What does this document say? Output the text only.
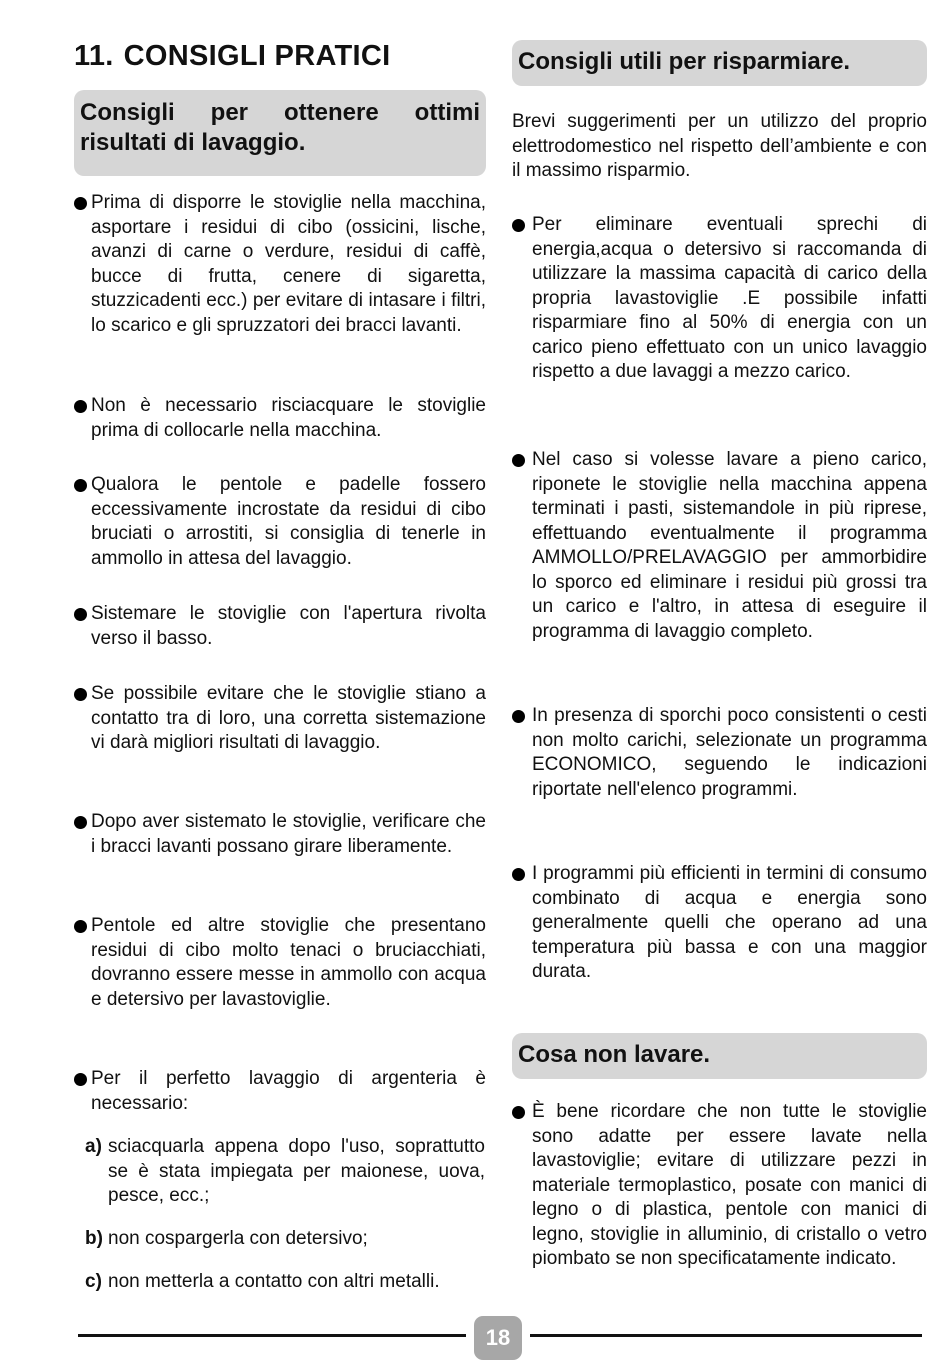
11. CONSIGLI PRATICI
Consigli per ottenere ottimi
risultati di lavaggio.
Prima di disporre le stoviglie nella macchina, asportare i residui di cibo (ossicini, lische, avanzi di carne o verdure, residui di caffè, bucce di frutta, cenere di sigaretta, stuzzicadenti ecc.) per evitare di intasare i filtri, lo scarico e gli spruzzatori dei bracci lavanti.
Non è necessario risciacquare le stoviglie prima di collocarle nella macchina.
Qualora le pentole e padelle fossero eccessivamente incrostate da residui di cibo bruciati o arrostiti, si consiglia di tenerle in ammollo in attesa del lavaggio.
Sistemare le stoviglie con l'apertura rivolta verso il basso.
Se possibile evitare che le stoviglie stiano a contatto tra di loro, una corretta sistemazione vi darà migliori risultati di lavaggio.
Dopo aver sistemato le stoviglie, verificare che i bracci lavanti possano girare liberamente.
Pentole ed altre stoviglie che presentano residui di cibo molto tenaci o bruciacchiati, dovranno essere messe in ammollo con acqua e detersivo per lavastoviglie.
Per il perfetto lavaggio di argenteria è necessario:
a) sciacquarla appena dopo l'uso, soprattutto se è stata impiegata per maionese, uova, pesce, ecc.;
b) non cospargerla con detersivo;
c) non metterla a contatto con altri metalli.
Consigli utili per risparmiare.
Brevi suggerimenti per un utilizzo del proprio elettrodomestico nel rispetto dell’ambiente e con il massimo risparmio.
Per eliminare eventuali sprechi di energia,acqua o detersivo si raccomanda di utilizzare la massima capacità di carico della propria lavastoviglie .E possibile infatti risparmiare fino al 50% di energia con un carico pieno effettuato con un unico lavaggio rispetto a due lavaggi a mezzo carico.
Nel caso si volesse lavare a pieno carico, riponete le stoviglie nella macchina appena terminati i pasti, sistemandole in più riprese, effettuando eventualmente il programma AMMOLLO/PRELAVAGGIO per ammorbidire lo sporco ed eliminare i residui più grossi tra un carico e l'altro, in attesa di eseguire il programma di lavaggio completo.
In presenza di sporchi poco consistenti o cesti non molto carichi, selezionate un programma ECONOMICO, seguendo le indicazioni riportate nell'elenco programmi.
I programmi più efficienti in termini di consumo combinato di acqua e energia sono generalmente quelli che operano ad una temperatura più bassa e con una maggior durata.
Cosa non lavare.
È bene ricordare che non tutte le stoviglie sono adatte per essere lavate nella lavastoviglie; evitare di utilizzare pezzi in materiale termoplastico, posate con manici di legno o di plastica, pentole con manici di legno, stoviglie in alluminio, di cristallo o vetro piombato se non specificatamente indicato.
18
